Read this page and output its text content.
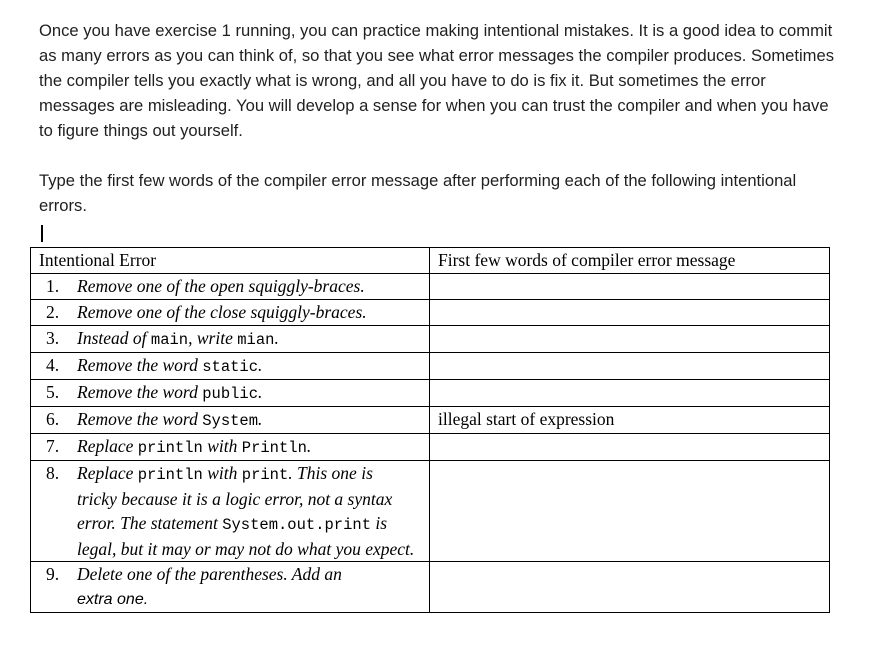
Once you have exercise 1 running, you can practice making intentional mistakes. It is a good idea to commit as many errors as you can think of, so that you see what error messages the compiler produces. Sometimes the compiler tells you exactly what is wrong, and all you have to do is fix it. But sometimes the error messages are misleading. You will develop a sense for when you can trust the compiler and when you have to figure things out yourself.

Type the first few words of the compiler error message after performing each of the following intentional errors.

Intentional Error	First few words of compiler error message
1. Remove one of the open squiggly-braces.	
2. Remove one of the close squiggly-braces.	
3. Instead of main, write mian.	
4. Remove the word static.	
5. Remove the word public.	
6. Remove the word System.	illegal start of expression
7. Replace println with Println.	
8. Replace println with print. This one is tricky because it is a logic error, not a syntax error. The statement System.out.print is legal, but it may or may not do what you expect.	
9. Delete one of the parentheses. Add an
extra one.	
